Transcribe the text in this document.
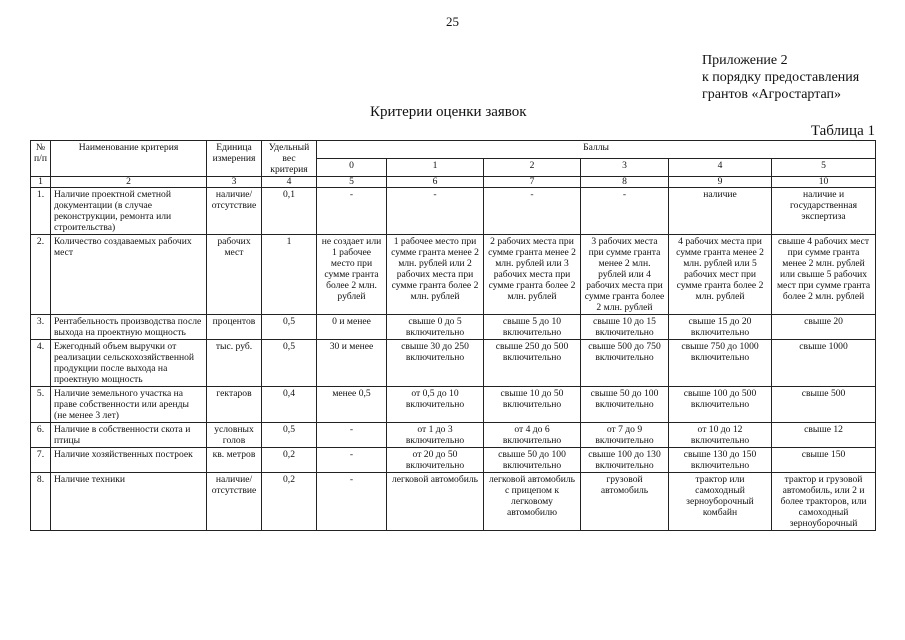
25
Приложение 2
к порядку предоставления
грантов «Агростартап»
Критерии оценки заявок
Таблица 1
№ п/п	Наименование критерия	Единица измерения	Удельный вес критерия	Баллы					
				0	1	2	3	4	5
1	2	3	4	5	6	7	8	9	10
1.	Наличие проектной сметной документации (в случае реконструкции, ремонта или строительства)	наличие/ отсутствие	0,1	-	-	-	-	наличие	наличие и государственная экспертиза
2.	Количество создаваемых рабочих мест	рабочих мест	1	не создает или 1 рабочее место при сумме гранта более 2 млн. рублей	1 рабочее место при сумме гранта менее 2 млн. рублей или 2 рабочих места при сумме гранта более 2 млн. рублей	2 рабочих места при сумме гранта менее 2 млн. рублей или 3 рабочих места при сумме гранта более 2 млн. рублей	3 рабочих места при сумме гранта менее 2 млн. рублей или 4 рабочих места при сумме гранта более 2 млн. рублей	4 рабочих места при сумме гранта менее 2 млн. рублей или 5 рабочих мест при сумме гранта более 2 млн. рублей	свыше 4 рабочих мест при сумме гранта менее 2 млн. рублей или свыше 5 рабочих мест при сумме гранта более 2 млн. рублей
3.	Рентабельность производства после выхода на проектную мощность	процентов	0,5	0 и менее	свыше 0 до 5 включительно	свыше 5 до 10 включительно	свыше 10 до 15 включительно	свыше 15 до 20 включительно	свыше 20
4.	Ежегодный объем выручки от реализации сельскохозяйственной продукции после выхода на проектную мощность	тыс. руб.	0,5	30 и менее	свыше 30 до 250 включительно	свыше 250 до 500 включительно	свыше 500 до 750 включительно	свыше 750 до 1000 включительно	свыше 1000
5.	Наличие земельного участка на праве собственности или аренды (не менее 3 лет)	гектаров	0,4	менее 0,5	от 0,5 до 10 включительно	свыше 10 до 50 включительно	свыше 50 до 100 включительно	свыше 100 до 500 включительно	свыше 500
6.	Наличие в собственности скота и птицы	условных голов	0,5	-	от 1 до 3 включительно	от 4 до 6 включительно	от 7 до 9 включительно	от 10 до 12 включительно	свыше 12
7.	Наличие хозяйственных построек	кв. метров	0,2	-	от 20 до 50 включительно	свыше 50 до 100 включительно	свыше 100 до 130 включительно	свыше 130 до 150 включительно	свыше 150
8.	Наличие техники	наличие/ отсутствие	0,2	-	легковой автомобиль	легковой автомобиль с прицепом к легковому автомобилю	грузовой автомобиль	трактор или самоходный зерноуборочный комбайн	трактор и грузовой автомобиль, или 2 и более тракторов, или самоходный зерноуборочный
